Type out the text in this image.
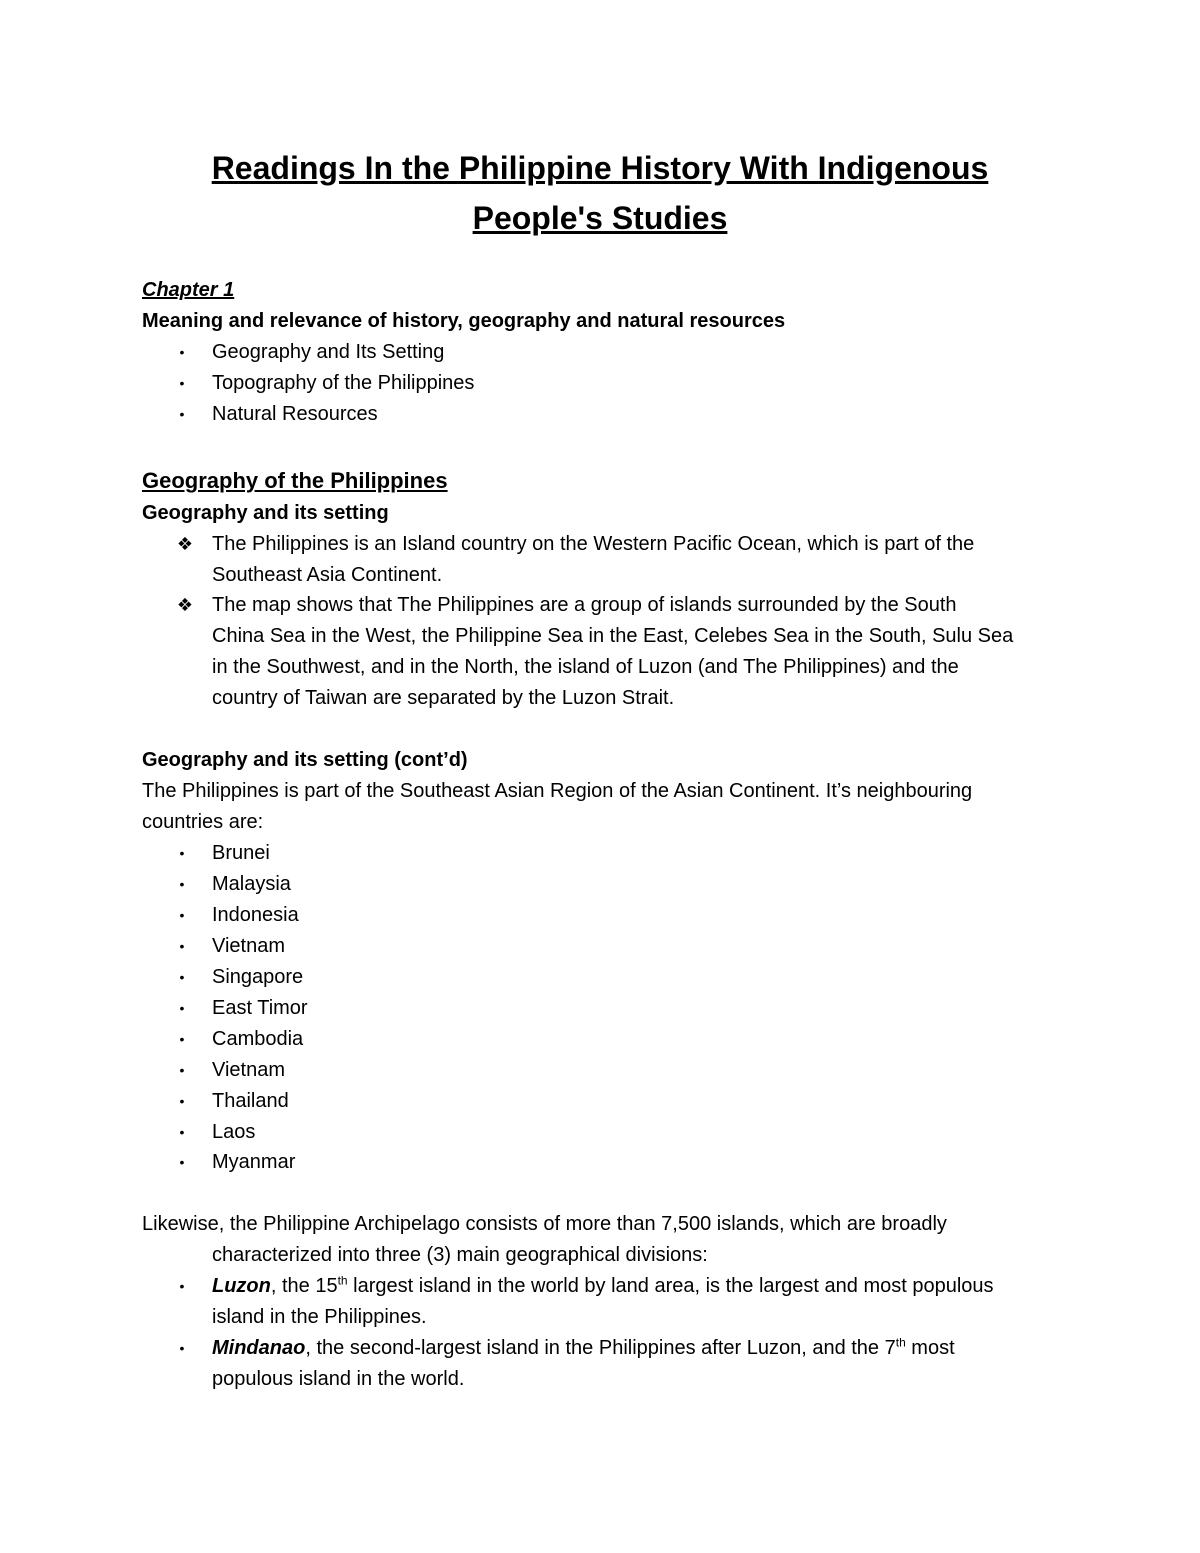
Readings In the Philippine History With Indigenous
People's Studies
Chapter 1
Meaning and relevance of history, geography and natural resources
• Geography and Its Setting
• Topography of the Philippines
• Natural Resources
Geography of the Philippines
Geography and its setting
❖ The Philippines is an Island country on the Western Pacific Ocean, which is part of the
Southeast Asia Continent.
❖ The map shows that The Philippines are a group of islands surrounded by the South
China Sea in the West, the Philippine Sea in the East, Celebes Sea in the South, Sulu Sea
in the Southwest, and in the North, the island of Luzon (and The Philippines) and the
country of Taiwan are separated by the Luzon Strait.
Geography and its setting (cont’d)
The Philippines is part of the Southeast Asian Region of the Asian Continent. It’s neighbouring
countries are:
• Brunei
• Malaysia
• Indonesia
• Vietnam
• Singapore
• East Timor
• Cambodia
• Vietnam
• Thailand
• Laos
• Myanmar
Likewise, the Philippine Archipelago consists of more than 7,500 islands, which are broadly
characterized into three (3) main geographical divisions:
• Luzon, the 15th largest island in the world by land area, is the largest and most populous
island in the Philippines.
• Mindanao, the second-largest island in the Philippines after Luzon, and the 7th most
populous island in the world.
